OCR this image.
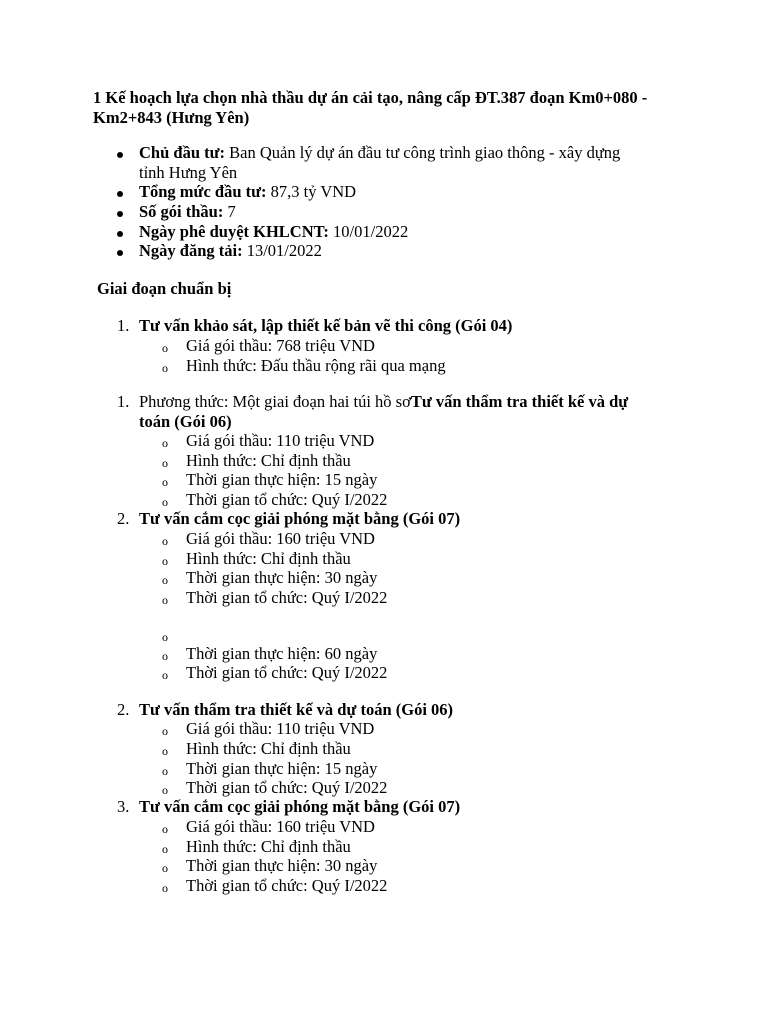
1 Kế hoạch lựa chọn nhà thầu dự án cải tạo, nâng cấp ĐT.387 đoạn Km0+080 - Km2+843 (Hưng Yên)
Chủ đầu tư: Ban Quản lý dự án đầu tư công trình giao thông - xây dựng
tỉnh Hưng Yên
Tổng mức đầu tư: 87,3 tỷ VND
Số gói thầu: 7
Ngày phê duyệt KHLCNT: 10/01/2022
Ngày đăng tải: 13/01/2022
Giai đoạn chuẩn bị
1. Tư vấn khảo sát, lập thiết kế bản vẽ thi công (Gói 04)
o Giá gói thầu: 768 triệu VND
o Hình thức: Đấu thầu rộng rãi qua mạng
1. Phương thức: Một giai đoạn hai túi hồ sơTư vấn thẩm tra thiết kế và dự
toán (Gói 06)
o Giá gói thầu: 110 triệu VND
o Hình thức: Chỉ định thầu
o Thời gian thực hiện: 15 ngày
o Thời gian tổ chức: Quý I/2022
2. Tư vấn cắm cọc giải phóng mặt bằng (Gói 07)
o Giá gói thầu: 160 triệu VND
o Hình thức: Chỉ định thầu
o Thời gian thực hiện: 30 ngày
o Thời gian tổ chức: Quý I/2022
o
o Thời gian thực hiện: 60 ngày
o Thời gian tổ chức: Quý I/2022
2. Tư vấn thẩm tra thiết kế và dự toán (Gói 06)
o Giá gói thầu: 110 triệu VND
o Hình thức: Chỉ định thầu
o Thời gian thực hiện: 15 ngày
o Thời gian tổ chức: Quý I/2022
3. Tư vấn cắm cọc giải phóng mặt bằng (Gói 07)
o Giá gói thầu: 160 triệu VND
o Hình thức: Chỉ định thầu
o Thời gian thực hiện: 30 ngày
o Thời gian tổ chức: Quý I/2022
